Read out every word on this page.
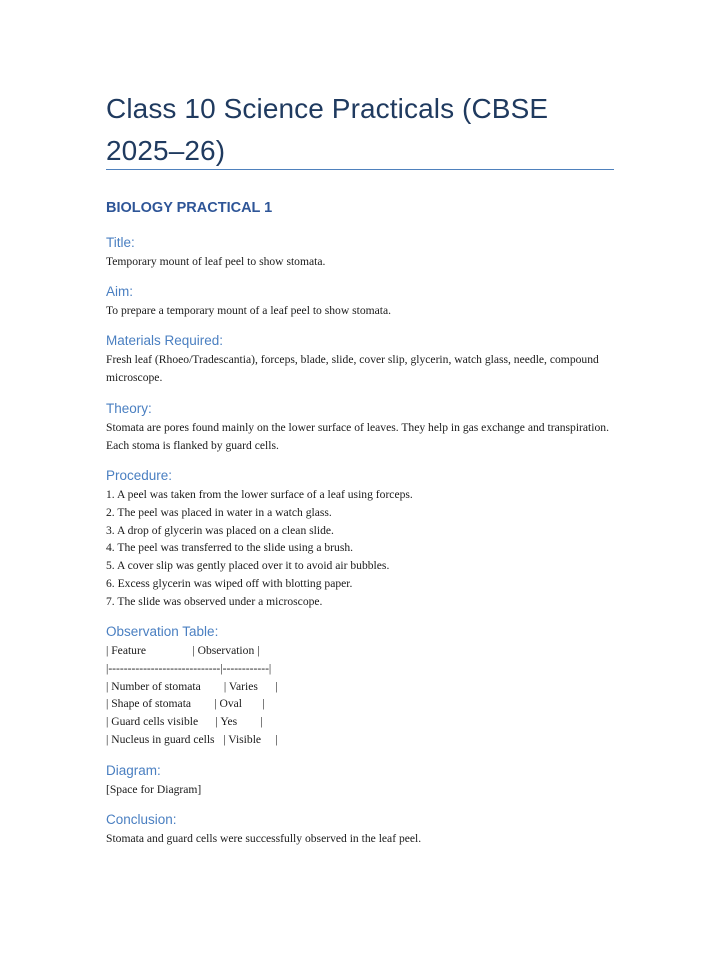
Class 10 Science Practicals (CBSE 2025–26)
BIOLOGY PRACTICAL 1
Title:
Temporary mount of leaf peel to show stomata.
Aim:
To prepare a temporary mount of a leaf peel to show stomata.
Materials Required:
Fresh leaf (Rhoeo/Tradescantia), forceps, blade, slide, cover slip, glycerin, watch glass, needle, compound microscope.
Theory:
Stomata are pores found mainly on the lower surface of leaves. They help in gas exchange and transpiration. Each stoma is flanked by guard cells.
Procedure:
1. A peel was taken from the lower surface of a leaf using forceps.
2. The peel was placed in water in a watch glass.
3. A drop of glycerin was placed on a clean slide.
4. The peel was transferred to the slide using a brush.
5. A cover slip was gently placed over it to avoid air bubbles.
6. Excess glycerin was wiped off with blotting paper.
7. The slide was observed under a microscope.
Observation Table:
| Feature                | Observation |
|-----------------------------|------------|
| Number of stomata        | Varies      |
| Shape of stomata        | Oval       |
| Guard cells visible      | Yes        |
| Nucleus in guard cells   | Visible     |
Diagram:
[Space for Diagram]
Conclusion:
Stomata and guard cells were successfully observed in the leaf peel.
